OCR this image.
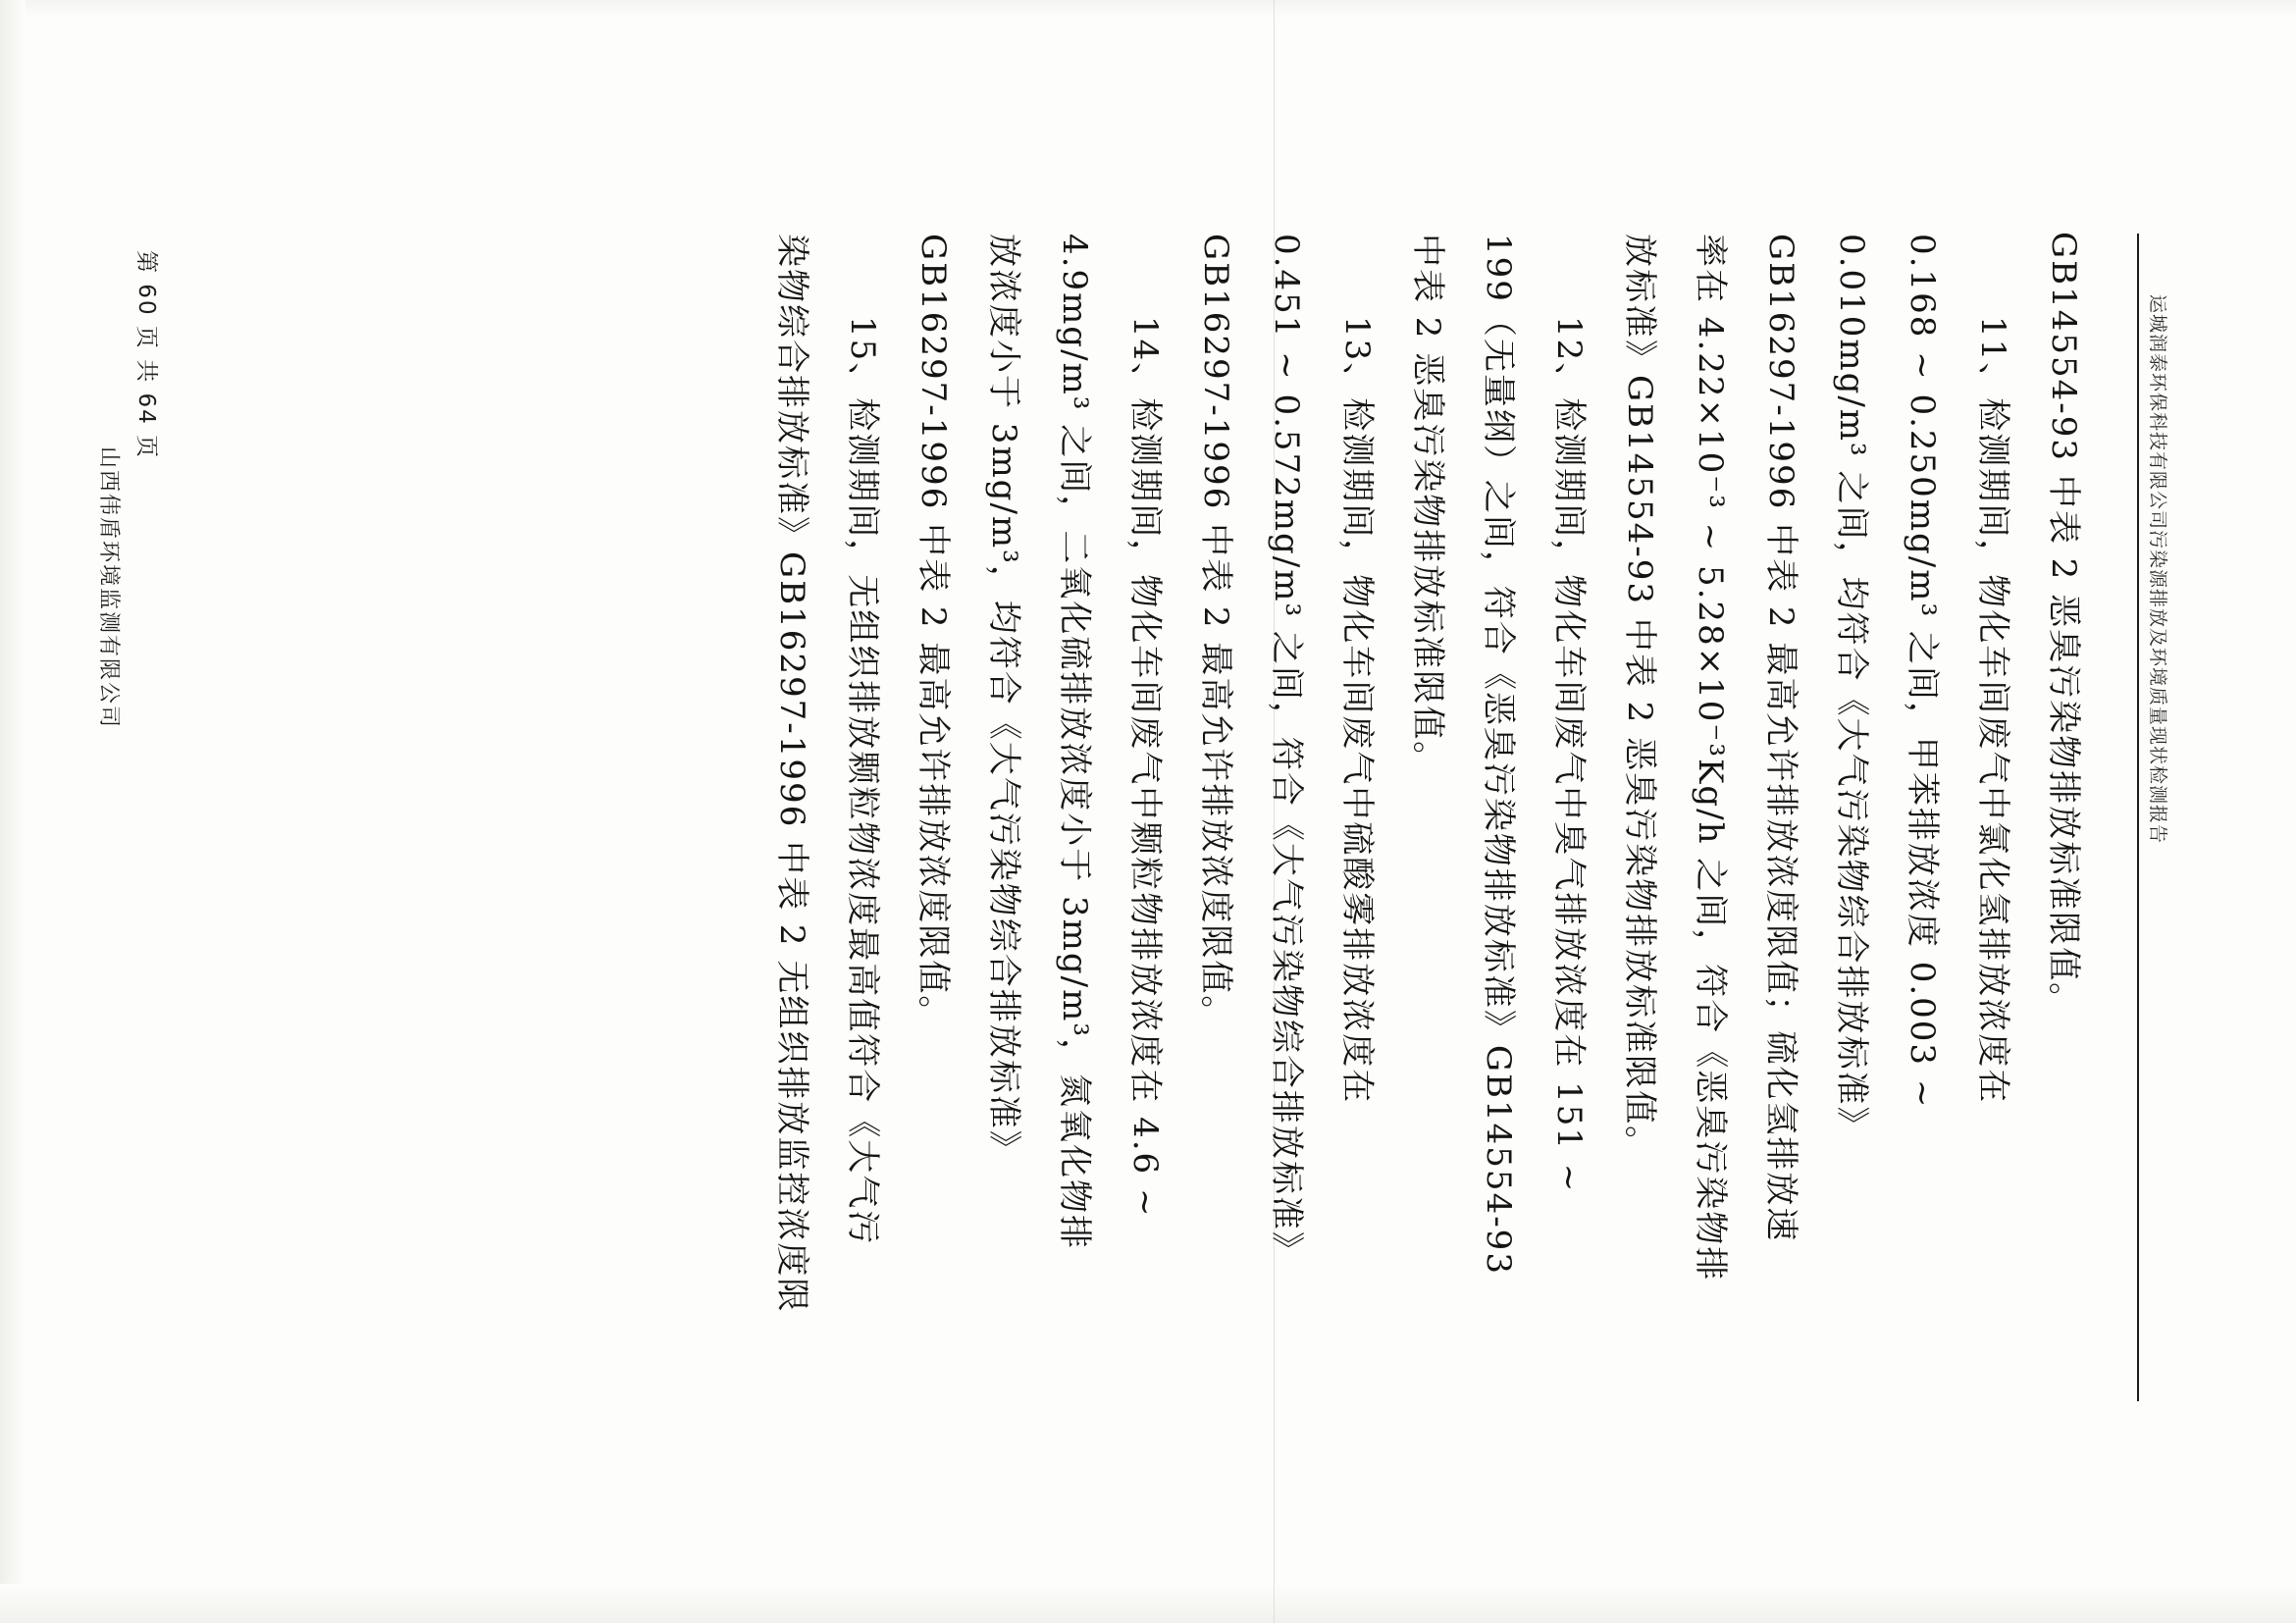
运城润泰环保科技有限公司污染源排放及环境质量现状检测报告
GB14554-93 中表 2 恶臭污染物排放标准限值。
11、检测期间，物化车间废气中氯化氢排放浓度在
0.168 ~ 0.250mg/m³ 之间，甲苯排放浓度 0.003 ~
0.010mg/m³ 之间，均符合《大气污染物综合排放标准》
GB16297-1996 中表 2 最高允许排放浓度限值；硫化氢排放速
率在 4.22×10⁻³ ~ 5.28×10⁻³Kg/h 之间，符合《恶臭污染物排
放标准》GB14554-93 中表 2 恶臭污染物排放标准限值。
12、检测期间，物化车间废气中臭气排放浓度在 151 ~
199（无量纲）之间，符合《恶臭污染物排放标准》GB14554-93
中表 2 恶臭污染物排放标准限值。
13、检测期间，物化车间废气中硫酸雾排放浓度在
0.451 ~ 0.572mg/m³ 之间，符合《大气污染物综合排放标准》
GB16297-1996 中表 2 最高允许排放浓度限值。
14、检测期间，物化车间废气中颗粒物排放浓度在 4.6 ~
4.9mg/m³ 之间，二氧化硫排放浓度小于 3mg/m³，氮氧化物排
放浓度小于 3mg/m³，均符合《大气污染物综合排放标准》
GB16297-1996 中表 2 最高允许排放浓度限值。
15、检测期间，无组织排放颗粒物浓度最高值符合《大气污
染物综合排放标准》GB16297-1996 中表 2 无组织排放监控浓度限
第 60 页 共 64 页
山西伟盾环境监测有限公司
